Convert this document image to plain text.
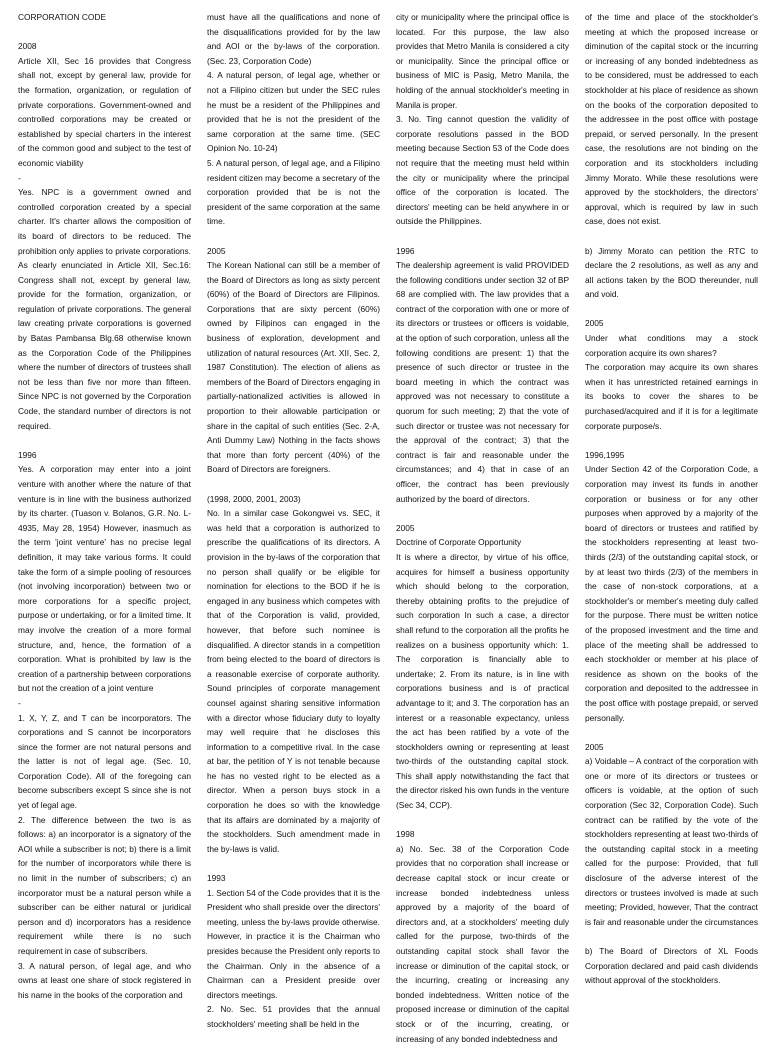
CORPORATION CODE

2008

Article XII, Sec 16 provides that Congress shall not, except by general law, provide for the formation, organization, or regulation of private corporations. Government-owned and controlled corporations may be created or established by special charters in the interest of the common good and subject to the test of economic viability

-

Yes. NPC is a government owned and controlled corporation created by a special charter. It's charter allows the composition of its board of directors to be reduced. The prohibition only applies to private corporations. As clearly enunciated in Article XII, Sec.16: Congress shall not, except by general law, provide for the formation, organization, or regulation of private corporations. The general law creating private corporations is governed by Batas Pambansa Blg.68 otherwise known as the Corporation Code of the Philippines where the number of directors of trustees shall not be less than five nor more than fifteen. Since NPC is not governed by the Corporation Code, the standard number of directors is not required.

1996

Yes. A corporation may enter into a joint venture with another where the nature of that venture is in line with the business authorized by its charter. (Tuason v. Bolanos, G.R. No. L-4935, May 28, 1954) However, inasmuch as the term 'joint venture' has no precise legal definition, it may take various forms. It could take the form of a simple pooling of resources (not involving incorporation) between two or more corporations for a specific project, purpose or undertaking, or for a limited time. It may involve the creation of a more formal structure, and, hence, the formation of a corporation. What is prohibited by law is the creation of a partnership between corporations but not the creation of a joint venture

-

1. X, Y, Z, and T can be incorporators. The corporations and S cannot be incorporators since the former are not natural persons and the latter is not of legal age. (Sec. 10, Corporation Code). All of the foregoing can become subscribers except S since she is not yet of legal age.

2. The difference between the two is as follows: a) an incorporator is a signatory of the AOI while a subscriber is not; b) there is a limit for the number of incorporators while there is no limit in the number of subscribers; c) an incorporator must be a natural person while a subscriber can be either natural or juridical person and d) incorporators has a residence requirement while there is no such requirement in case of subscribers.

3. A natural person, of legal age, and who owns at least one share of stock registered in his name in the books of the corporation and

must have all the qualifications and none of the disqualifications provided for by the law and AOI or the by-laws of the corporation. (Sec. 23, Corporation Code)

4. A natural person, of legal age, whether or not a Filipino citizen but under the SEC rules he must be a resident of the Philippines and provided that he is not the president of the same corporation at the same time. (SEC Opinion No. 10-24)

5. A natural person, of legal age, and a Filipino resident citizen may become a secretary of the corporation provided that be is not the president of the same corporation at the same time.

2005

The Korean National can still be a member of the Board of Directors as long as sixty percent (60%) of the Board of Directors are Filipinos. Corporations that are sixty percent (60%) owned by Filipinos can engaged in the business of exploration, development and utilization of natural resources (Art. XII, Sec. 2, 1987 Constitution). The election of aliens as members of the Board of Directors engaging in partially-nationalized activities is allowed in proportion to their allowable participation or share in the capital of such entities (Sec. 2-A, Anti Dummy Law) Nothing in the facts shows that more than forty percent (40%) of the Board of Directors are foreigners.

(1998, 2000, 2001, 2003)

No. In a similar case Gokongwei vs. SEC, it was held that a corporation is authorized to prescribe the qualifications of its directors. A provision in the by-laws of the corporation that no person shall qualify or be eligible for nomination for elections to the BOD if he is engaged in any business which competes with that of the Corporation is valid, provided, however, that before such nominee is disqualified. A director stands in a competition from being elected to the board of directors is a reasonable exercise of corporate authority. Sound principles of corporate management counsel against sharing sensitive information with a director whose fiduciary duty to loyalty may well require that he discloses this information to a competitive rival. In the case at bar, the petition of Y is not tenable because he has no vested right to be elected as a director. When a person buys stock in a corporation he does so with the knowledge that its affairs are dominated by a majority of the stockholders. Such amendment made in the by-laws is valid.

1993

1. Section 54 of the Code provides that it is the President who shall preside over the directors' meeting, unless the by-laws provide otherwise. However, in practice it is the Chairman who presides because the President only reports to the Chairman. Only in the absence of a Chairman can a President preside over directors meetings.

2. No. Sec. 51 provides that the annual stockholders' meeting shall be held in the

city or municipality where the principal office is located. For this purpose, the law also provides that Metro Manila is considered a city or municipality. Since the principal office or business of MIC is Pasig, Metro Manila, the holding of the annual stockholder's meeting in Manila is proper.

3. No. Ting cannot question the validity of corporate resolutions passed in the BOD meeting because Section 53 of the Code does not require that the meeting must held within the city or municipality where the principal office of the corporation is located. The directors' meeting can be held anywhere in or outside the Philippines.

1996

The dealership agreement is valid PROVIDED the following conditions under section 32 of BP 68 are complied with. The law provides that a contract of the corporation with one or more of its directors or trustees or officers is voidable, at the option of such corporation, unless all the following conditions are present: 1) that the presence of such director or trustee in the board meeting in which the contract was approved was not necessary to constitute a quorum for such meeting; 2) that the vote of such director or trustee was not necessary for the approval of the contract; 3) that the contract is fair and reasonable under the circumstances; and 4) that in case of an officer, the contract has been previously authorized by the board of directors.

2005

Doctrine of Corporate Opportunity

It is where a director, by virtue of his office, acquires for himself a business opportunity which should belong to the corporation, thereby obtaining profits to the prejudice of such corporation In such a case, a director shall refund to the corporation all the profits he realizes on a business opportunity which: 1. The corporation is financially able to undertake; 2. From its nature, is in line with corporations business and is of practical advantage to it; and 3. The corporation has an interest or a reasonable expectancy, unless the act has been ratified by a vote of the stockholders owning or representing at least two-thirds of the outstanding capital stock. This shall apply notwithstanding the fact that the director risked his own funds in the venture (Sec 34, CCP).

1998

a) No. Sec. 38 of the Corporation Code provides that no corporation shall increase or decrease capital stock or incur create or increase bonded indebtedness unless approved by a majority of the board of directors and, at a stockholders' meeting duly called for the purpose, two-thirds of the outstanding capital stock shall favor the increase or diminution of the capital stock, or the incurring, creating or increasing any bonded indebtedness. Written notice of the proposed increase or diminution of the capital stock or of the incurring, creating, or increasing of any bonded indebtedness and

of the time and place of the stockholder's meeting at which the proposed increase or diminution of the capital stock or the incurring or increasing of any bonded indebtedness as to be considered, must be addressed to each stockholder at his place of residence as shown on the books of the corporation deposited to the addressee in the post office with postage prepaid, or served personally. In the present case, the resolutions are not binding on the corporation and its stockholders including Jimmy Morato. While these resolutions were approved by the stockholders, the directors' approval, which is required by law in such case, does not exist.

b) Jimmy Morato can petition the RTC to declare the 2 resolutions, as well as any and all actions taken by the BOD thereunder, null and void.

2005

Under what conditions may a stock corporation acquire its own shares?

The corporation may acquire its own shares when it has unrestricted retained earnings in its books to cover the shares to be purchased/acquired and if it is for a legitimate corporate purpose/s.

1996,1995

Under Section 42 of the Corporation Code, a corporation may invest its funds in another corporation or business or for any other purposes when approved by a majority of the board of directors or trustees and ratified by the stockholders representing at least two- thirds (2/3) of the outstanding capital stock, or by at least two thirds (2/3) of the members in the case of non-stock corporations, at a stockholder's or member's meeting duly called for the purpose. There must be written notice of the proposed investment and the time and place of the meeting shall be addressed to each stockholder or member at his place of residence as shown on the books of the corporation and deposited to the addressee in the post office with postage prepaid, or served personally.

2005

a) Voidable – A contract of the corporation with one or more of its directors or trustees or officers is voidable, at the option of such corporation (Sec 32, Corporation Code). Such contract can be ratified by the vote of the stockholders representing at least two-thirds of the outstanding capital stock in a meeting called for the purpose: Provided, that full disclosure of the adverse interest of the directors or trustees involved is made at such meeting; Provided, however, That the contract is fair and reasonable under the circumstances

b) The Board of Directors of XL Foods Corporation declared and paid cash dividends without approval of the stockholders.
